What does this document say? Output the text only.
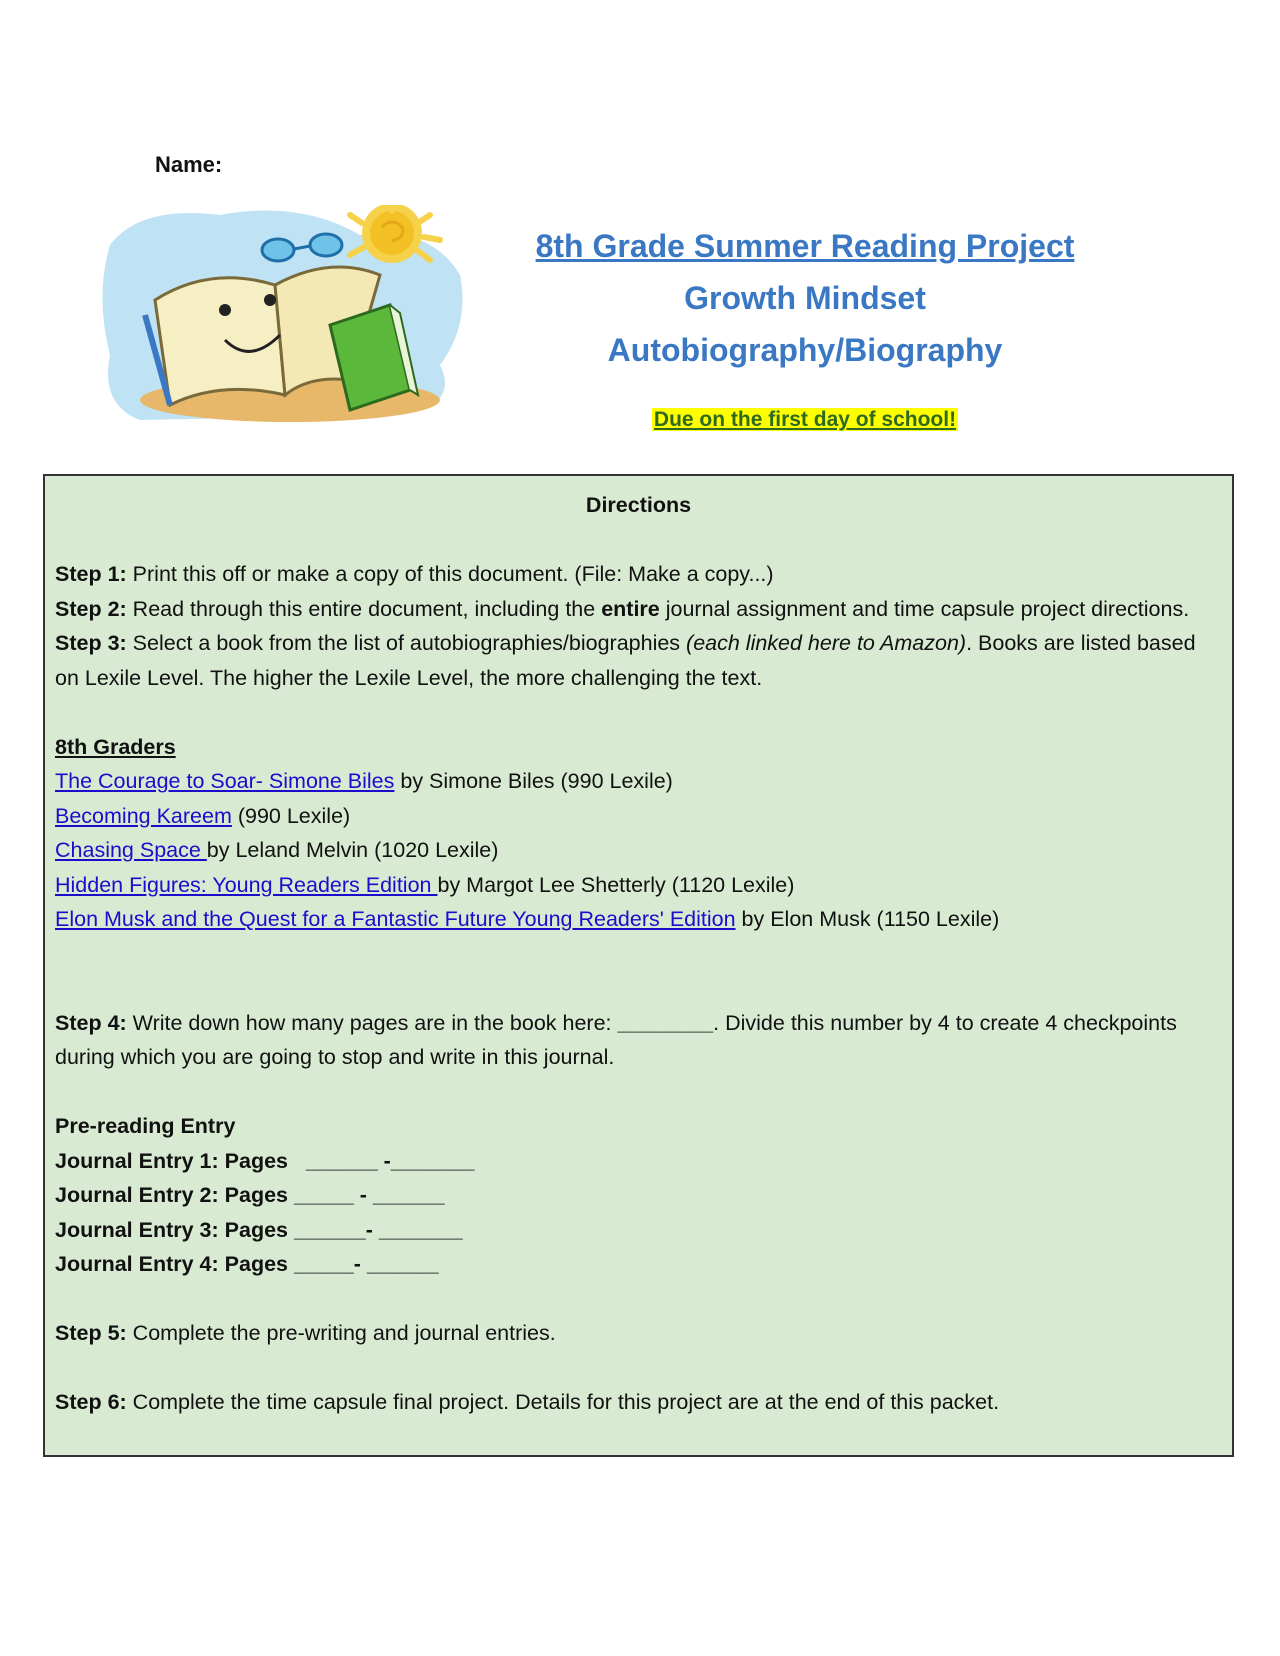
Name:
8th Grade Summer Reading Project
Growth Mindset
Autobiography/Biography
Due on the first day of school!
Directions
Step 1: Print this off or make a copy of this document. (File: Make a copy...)
Step 2: Read through this entire document, including the entire journal assignment and time capsule project directions.
Step 3: Select a book from the list of autobiographies/biographies (each linked here to Amazon). Books are listed based on Lexile Level. The higher the Lexile Level, the more challenging the text.
8th Graders
The Courage to Soar- Simone Biles by Simone Biles (990 Lexile)
Becoming Kareem (990 Lexile)
Chasing Space by Leland Melvin (1020 Lexile)
Hidden Figures: Young Readers Edition by Margot Lee Shetterly (1120 Lexile)
Elon Musk and the Quest for a Fantastic Future Young Readers' Edition by Elon Musk (1150 Lexile)
Step 4: Write down how many pages are in the book here: ________. Divide this number by 4 to create 4 checkpoints during which you are going to stop and write in this journal.
Pre-reading Entry
Journal Entry 1: Pages   ______ -_______
Journal Entry 2: Pages _____ - ______
Journal Entry 3: Pages ______- _______
Journal Entry 4: Pages _____- ______
Step 5: Complete the pre-writing and journal entries.
Step 6: Complete the time capsule final project. Details for this project are at the end of this packet.
